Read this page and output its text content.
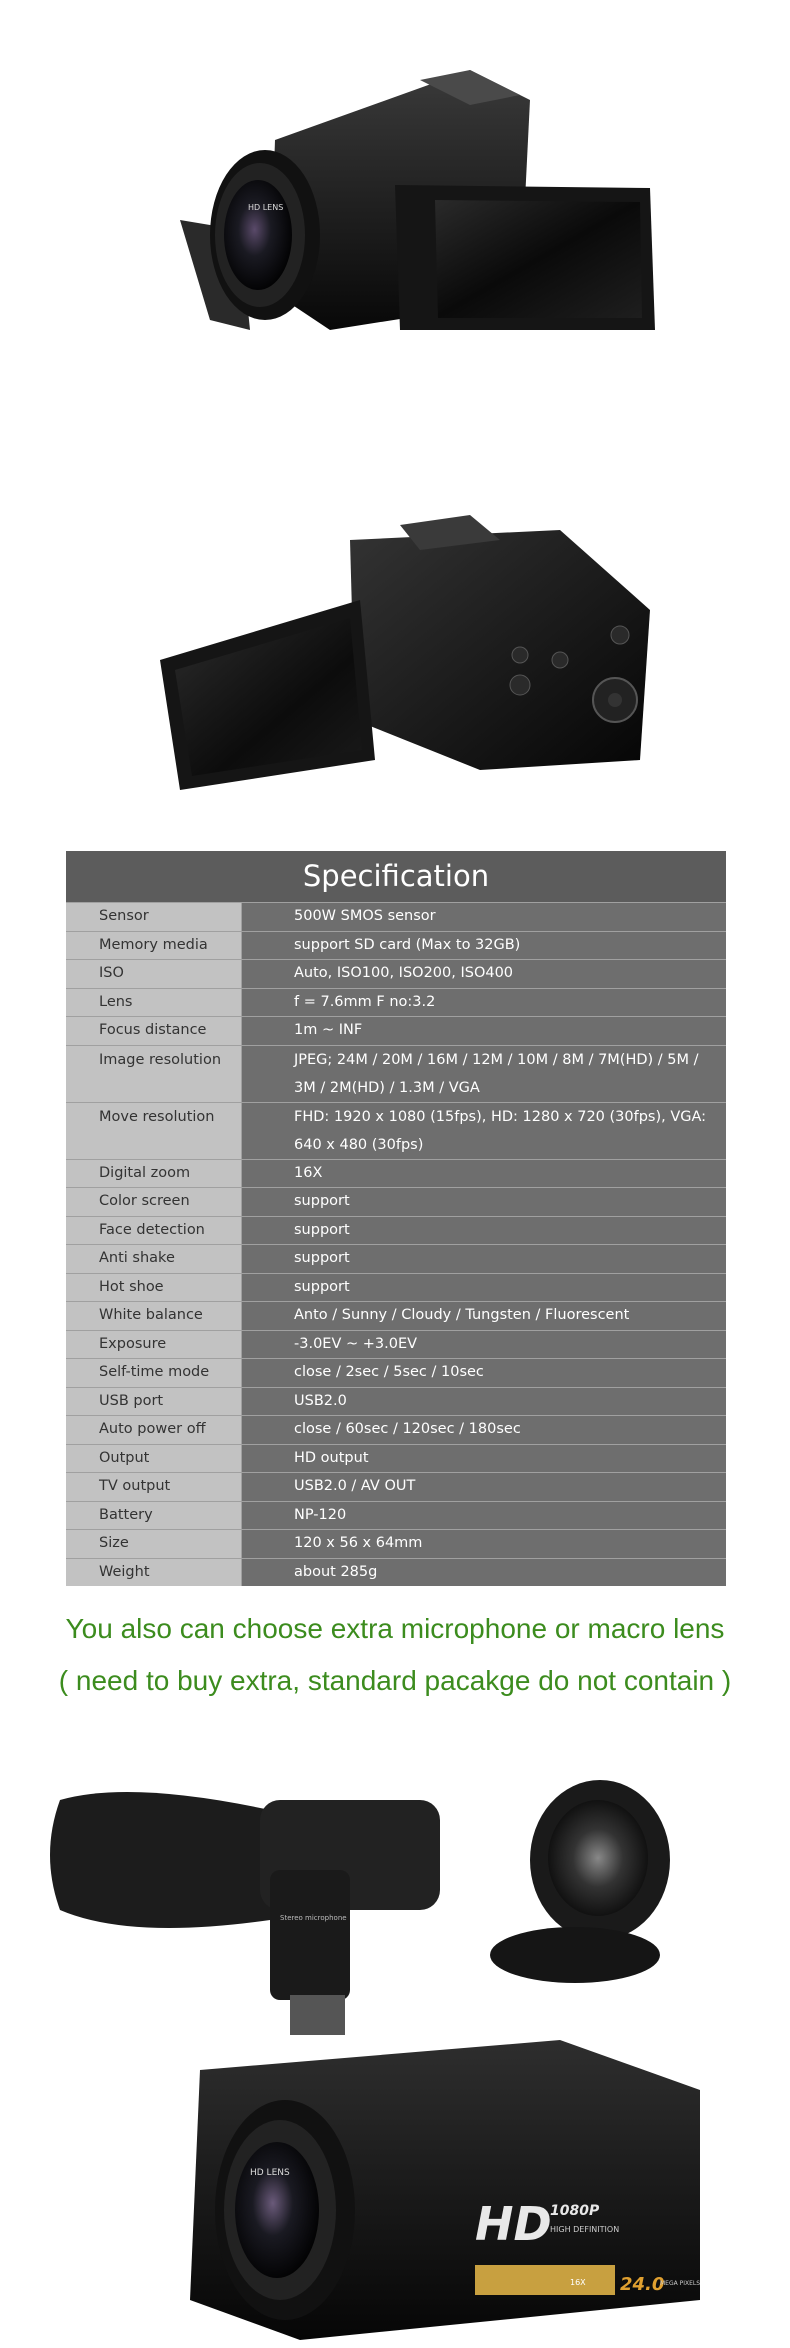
HD LENS
Specification
Sensor	500W SMOS sensor
Memory media	support SD card (Max to 32GB)
ISO	Auto, ISO100, ISO200, ISO400
Lens	f = 7.6mm F no:3.2
Focus distance	1m ~ INF
Image resolution	JPEG; 24M / 20M / 16M / 12M / 10M / 8M / 7M(HD) / 5M / 3M / 2M(HD) / 1.3M / VGA
Move resolution	FHD: 1920 x 1080 (15fps), HD: 1280 x 720 (30fps), VGA: 640 x 480 (30fps)
Digital zoom	16X
Color screen	support
Face detection	support
Anti shake	support
Hot shoe	support
White balance	Anto / Sunny / Cloudy / Tungsten / Fluorescent
Exposure	-3.0EV ~ +3.0EV
Self-time mode	close / 2sec / 5sec / 10sec
USB port	USB2.0
Auto power off	close / 60sec / 120sec / 180sec
Output	HD output
TV output	USB2.0 / AV OUT
Battery	NP-120
Size	120 x 56 x 64mm
Weight	about 285g
You also can choose extra microphone or macro lens
( need to buy extra, standard pacakge do not contain )
Stereo microphone
HD LENS
HD
1080P
HIGH DEFINITION
16X 24.0
MEGA PIXELS
